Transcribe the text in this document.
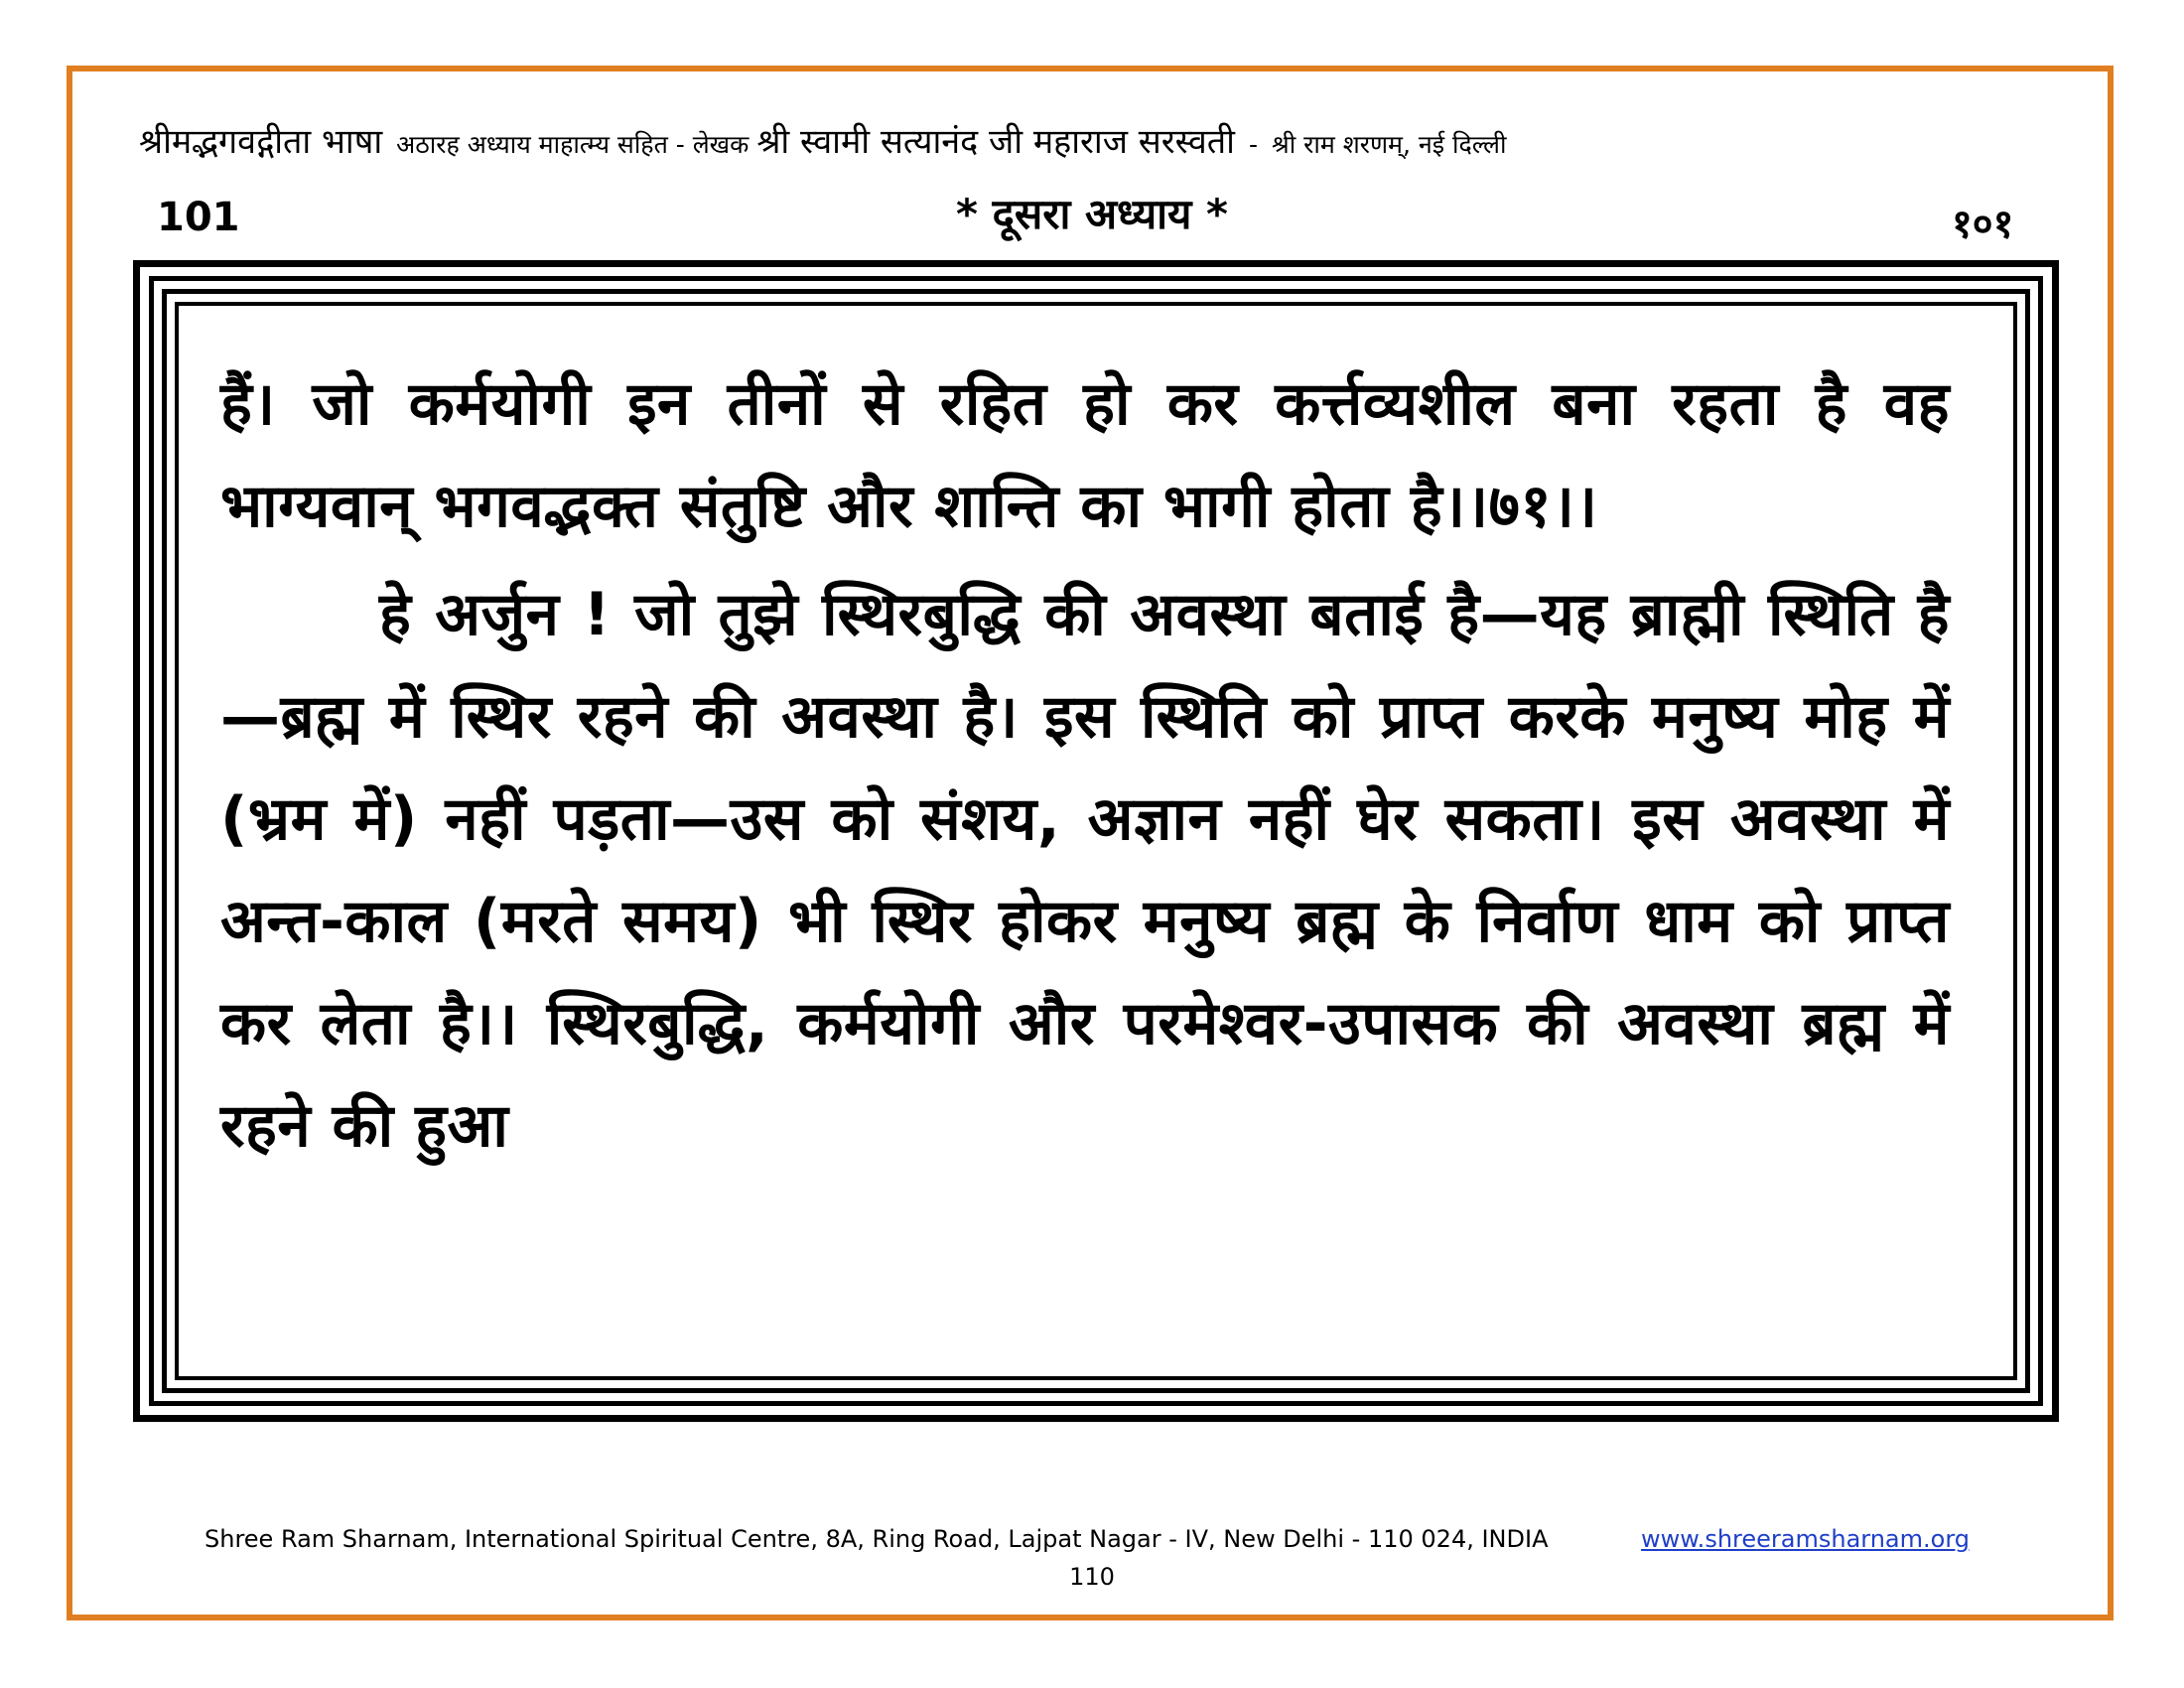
श्रीमद्भगवद्गीता भाषा अठारह अध्याय माहात्म्य सहित - लेखक श्री स्वामी सत्यानंद जी महाराज सरस्वती - श्री राम शरणम्, नई दिल्ली
101	* दूसरा अध्याय *	१०१

हैं। जो कर्मयोगी इन तीनों से रहित हो कर कर्त्तव्यशील बना रहता है वह भाग्यवान् भगवद्भक्त संतुष्टि और शान्ति का भागी होता है।।७१।।

हे अर्जुन ! जो तुझे स्थिरबुद्धि की अवस्था बताई है—यह ब्राह्मी स्थिति है—ब्रह्म में स्थिर रहने की अवस्था है। इस स्थिति को प्राप्त करके मनुष्य मोह में (भ्रम में) नहीं पड़ता—उस को संशय, अज्ञान नहीं घेर सकता। इस अवस्था में अन्त-काल (मरते समय) भी स्थिर होकर मनुष्य ब्रह्म के निर्वाण धाम को प्राप्त कर लेता है।। स्थिरबुद्धि, कर्मयोगी और परमेश्वर-उपासक की अवस्था ब्रह्म में रहने की हुआ

Shree Ram Sharnam, International Spiritual Centre, 8A, Ring Road, Lajpat Nagar - IV, New Delhi - 110 024, INDIA	www.shreeramsharnam.org
110
